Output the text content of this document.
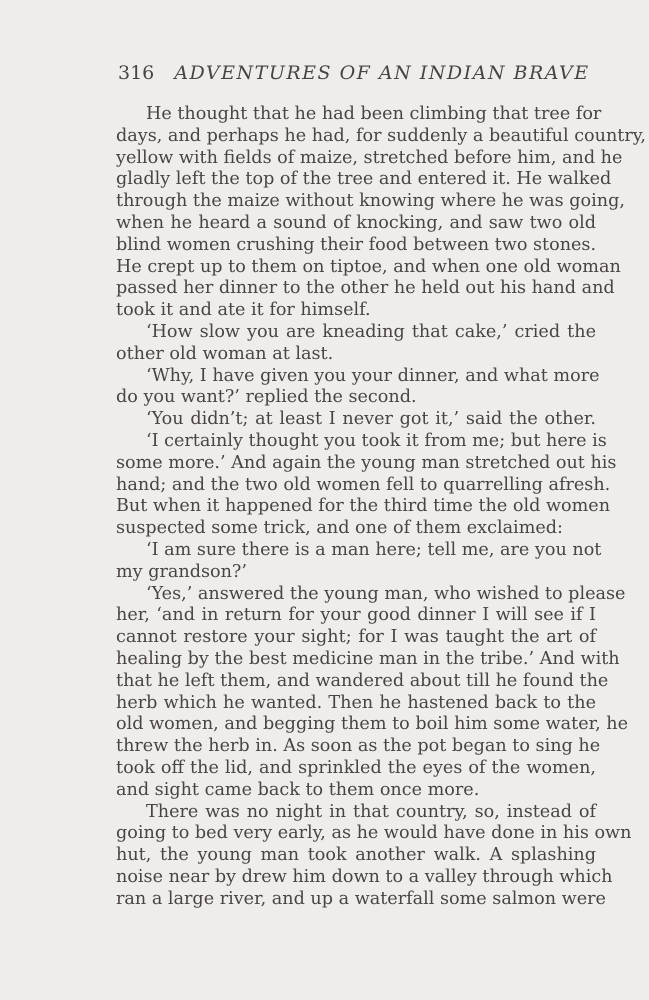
316 ADVENTURES OF AN INDIAN BRAVE
He thought that he had been climbing that tree for
days, and perhaps he had, for suddenly a beautiful country,
yellow with fields of maize, stretched before him, and he
gladly left the top of the tree and entered it. He walked
through the maize without knowing where he was going,
when he heard a sound of knocking, and saw two old
blind women crushing their food between two stones.
He crept up to them on tiptoe, and when one old woman
passed her dinner to the other he held out his hand and
took it and ate it for himself.
‘How slow you are kneading that cake,’ cried the
other old woman at last.
‘Why, I have given you your dinner, and what more
do you want?’ replied the second.
‘You didn’t; at least I never got it,’ said the other.
‘I certainly thought you took it from me; but here is
some more.’ And again the young man stretched out his
hand; and the two old women fell to quarrelling afresh.
But when it happened for the third time the old women
suspected some trick, and one of them exclaimed:
‘I am sure there is a man here; tell me, are you not
my grandson?’
‘Yes,’ answered the young man, who wished to please
her, ‘and in return for your good dinner I will see if I
cannot restore your sight; for I was taught the art of
healing by the best medicine man in the tribe.’ And with
that he left them, and wandered about till he found the
herb which he wanted. Then he hastened back to the
old women, and begging them to boil him some water, he
threw the herb in. As soon as the pot began to sing he
took off the lid, and sprinkled the eyes of the women,
and sight came back to them once more.
There was no night in that country, so, instead of
going to bed very early, as he would have done in his own
hut, the young man took another walk. A splashing
noise near by drew him down to a valley through which
ran a large river, and up a waterfall some salmon were
